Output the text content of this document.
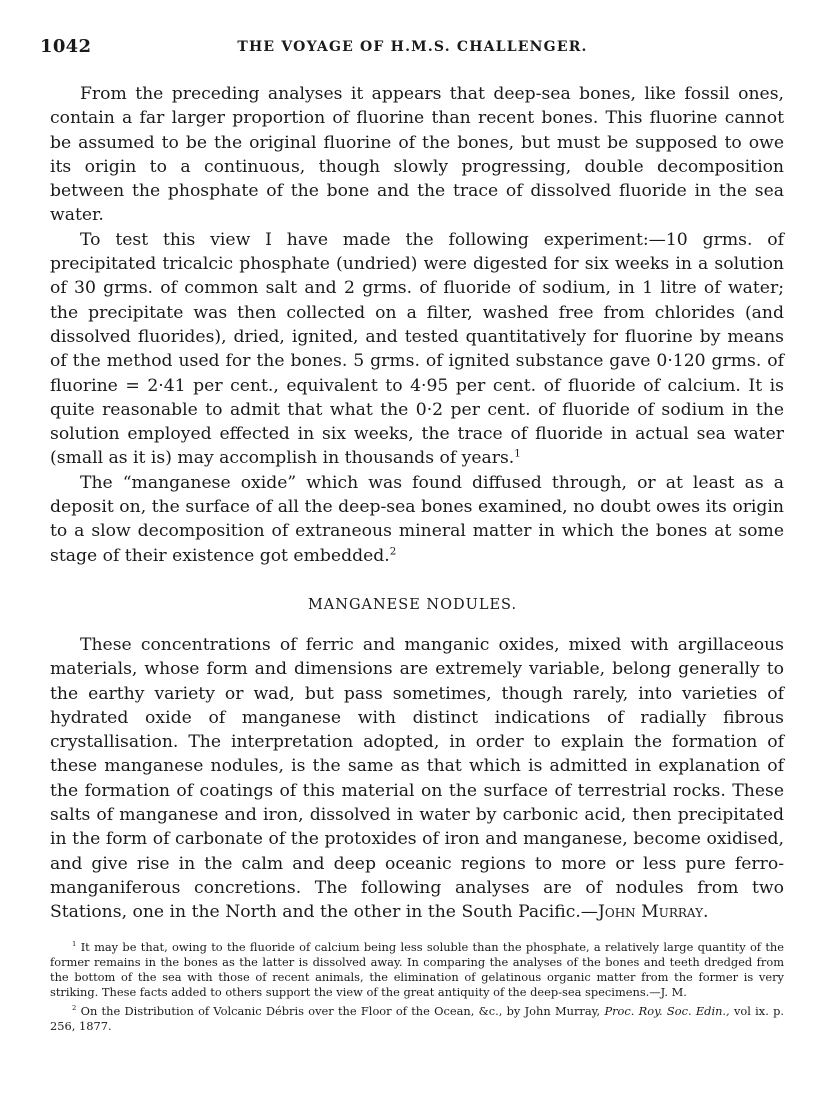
1042	THE VOYAGE OF H.M.S. CHALLENGER.

From the preceding analyses it appears that deep-sea bones, like fossil ones, contain a far larger proportion of fluorine than recent bones. This fluorine cannot be assumed to be the original fluorine of the bones, but must be supposed to owe its origin to a continuous, though slowly progressing, double decomposition between the phosphate of the bone and the trace of dissolved fluoride in the sea water.

To test this view I have made the following experiment:—10 grms. of precipitated tricalcic phosphate (undried) were digested for six weeks in a solution of 30 grms. of common salt and 2 grms. of fluoride of sodium, in 1 litre of water; the precipitate was then collected on a filter, washed free from chlorides (and dissolved fluorides), dried, ignited, and tested quantitatively for fluorine by means of the method used for the bones. 5 grms. of ignited substance gave 0·120 grms. of fluorine = 2·41 per cent., equivalent to 4·95 per cent. of fluoride of calcium. It is quite reasonable to admit that what the 0·2 per cent. of fluoride of sodium in the solution employed effected in six weeks, the trace of fluoride in actual sea water (small as it is) may accomplish in thousands of years.$^1$

The “manganese oxide” which was found diffused through, or at least as a deposit on, the surface of all the deep-sea bones examined, no doubt owes its origin to a slow decomposition of extraneous mineral matter in which the bones at some stage of their existence got embedded.$^2$

MANGANESE NODULES.

These concentrations of ferric and manganic oxides, mixed with argillaceous materials, whose form and dimensions are extremely variable, belong generally to the earthy variety or wad, but pass sometimes, though rarely, into varieties of hydrated oxide of manganese with distinct indications of radially fibrous crystallisation. The interpretation adopted, in order to explain the formation of these manganese nodules, is the same as that which is admitted in explanation of the formation of coatings of this material on the surface of terrestrial rocks. These salts of manganese and iron, dissolved in water by carbonic acid, then precipitated in the form of carbonate of the protoxides of iron and manganese, become oxidised, and give rise in the calm and deep oceanic regions to more or less pure ferro-manganiferous concretions. The following analyses are of nodules from two Stations, one in the North and the other in the South Pacific.—John Murray.

$^1$ It may be that, owing to the fluoride of calcium being less soluble than the phosphate, a relatively large quantity of the former remains in the bones as the latter is dissolved away. In comparing the analyses of the bones and teeth dredged from the bottom of the sea with those of recent animals, the elimination of gelatinous organic matter from the former is very striking. These facts added to others support the view of the great antiquity of the deep-sea specimens.—J. M.

$^2$ On the Distribution of Volcanic Débris over the Floor of the Ocean, &c., by John Murray, Proc. Roy. Soc. Edin., vol ix. p. 256, 1877.
